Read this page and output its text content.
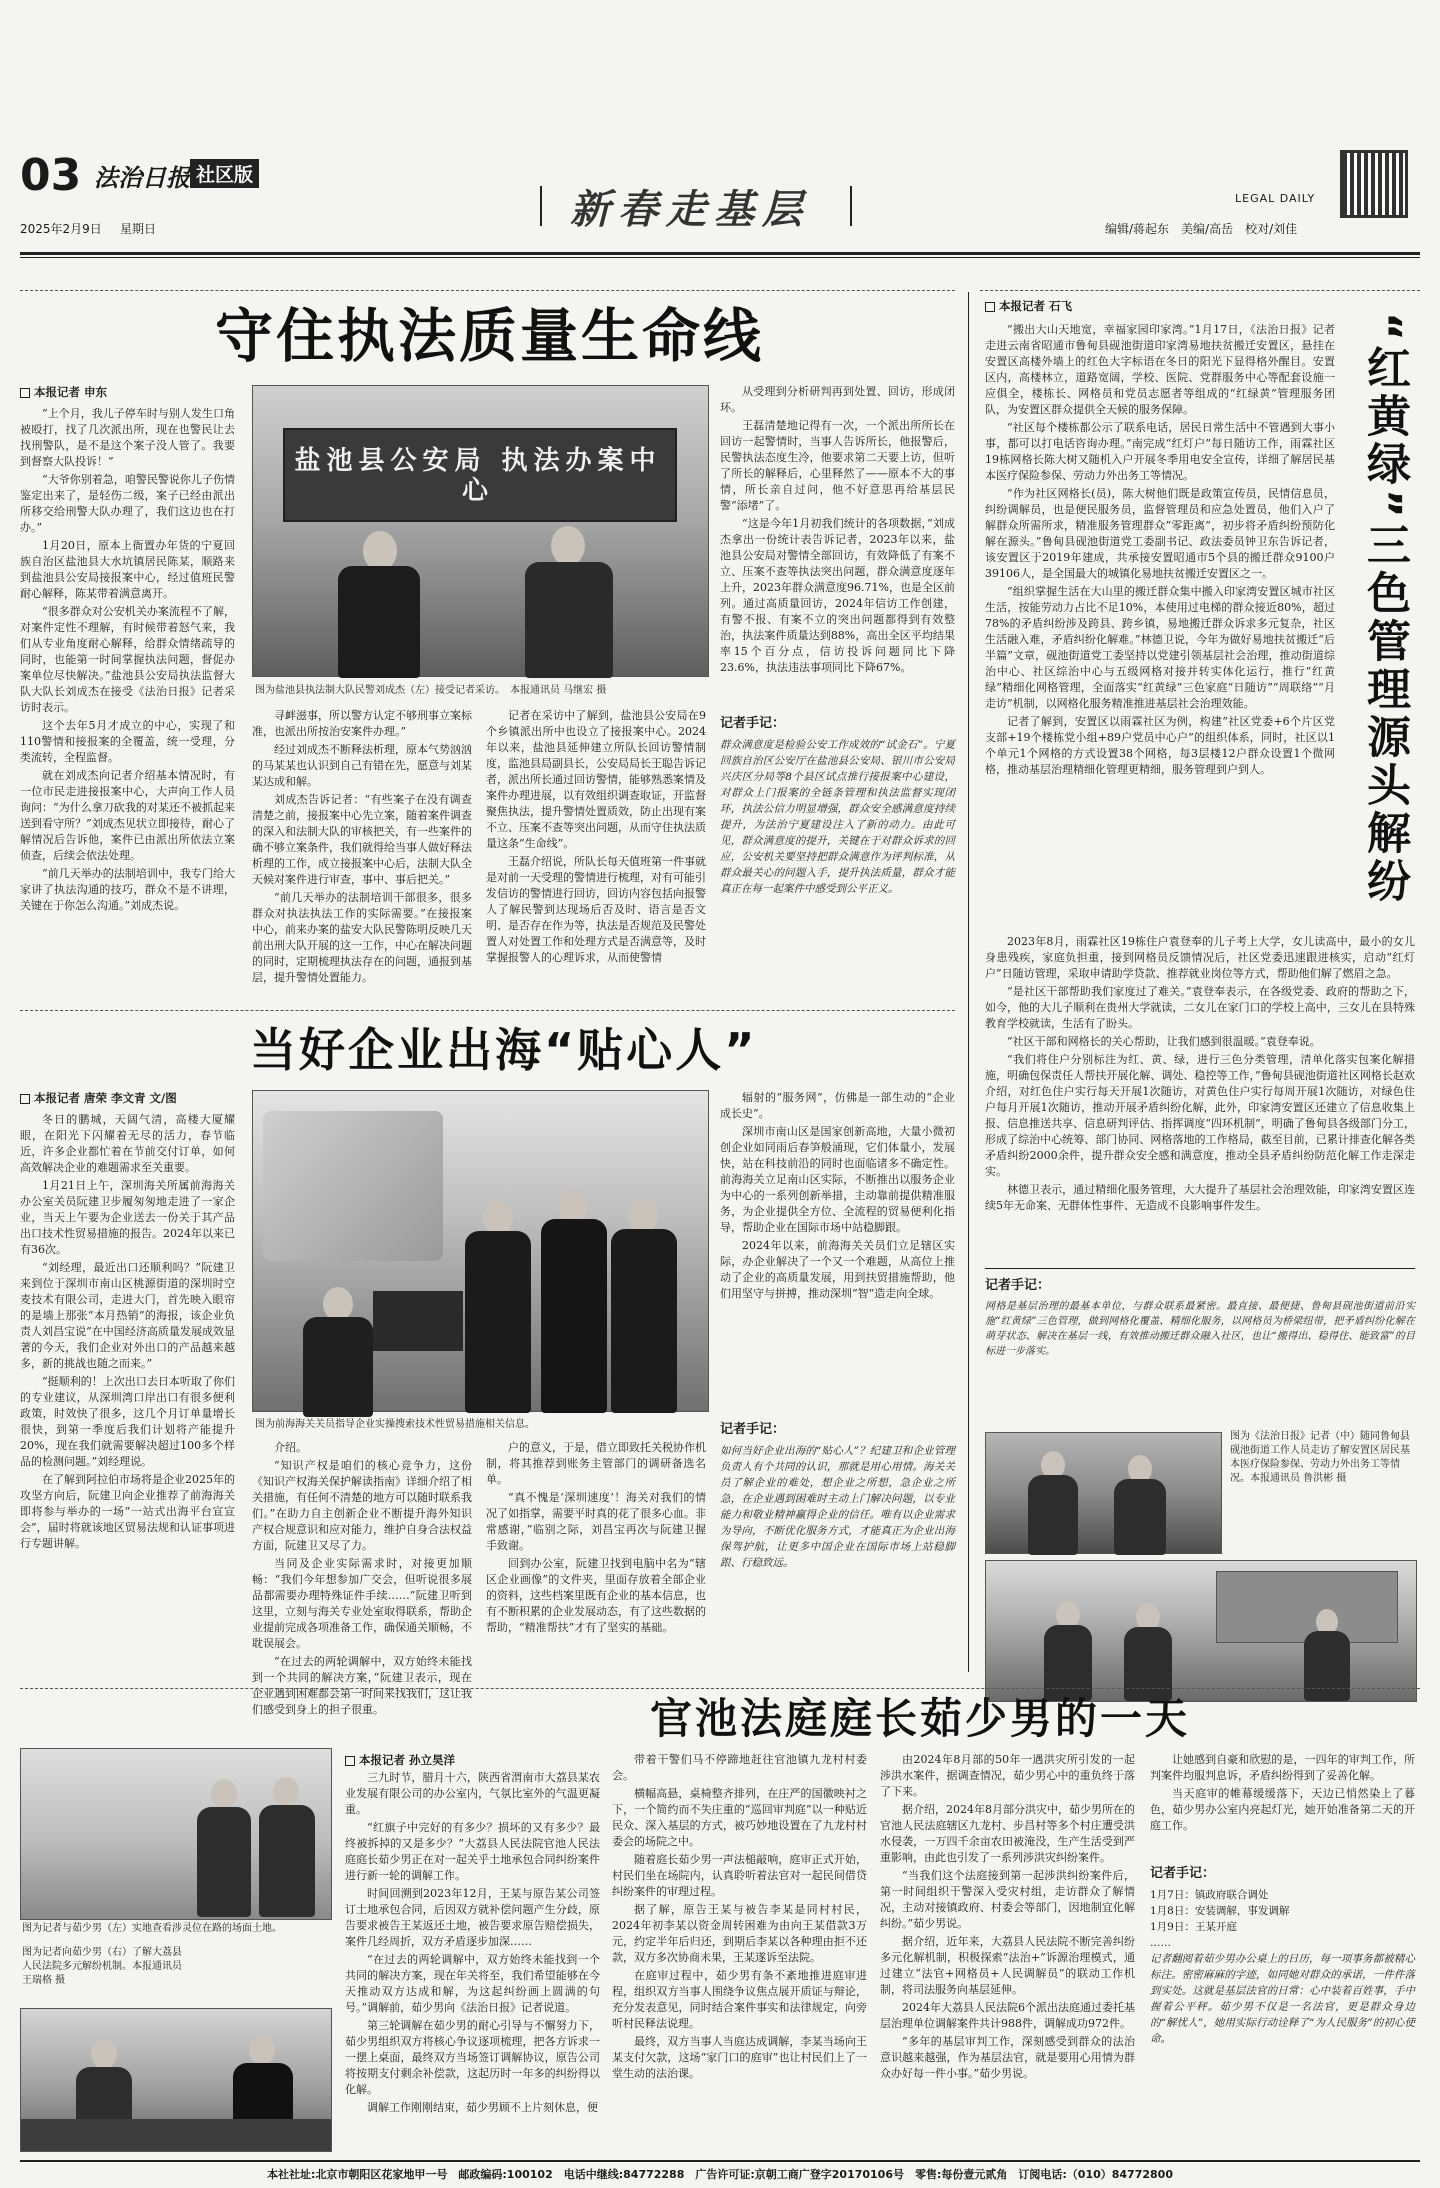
03 法治日报 社区版
2025年2月9日 星期日	新春走基层	LEGAL DAILY
编辑/蒋起东　美编/高岳　校对/刘佳
守住执法质量生命线
本报记者 申东

“上个月，我儿子停车时与别人发生口角被殴打，找了几次派出所，现在也警民让去找刑警队，是不是这个案子没人管了。我要到督察大队投诉！”

“大爷你别着急，咱警民警说你儿子伤情鉴定出来了，是轻伤二级，案子已经由派出所移交给刑警大队办理了，我们这边也在打办。”

1月20日，原本上衙置办年货的宁夏回族自治区盐池县大水坑镇居民陈某，顺路来到盐池县公安局接报案中心，经过值班民警耐心解释，陈某带着满意离开。

“很多群众对公安机关办案流程不了解，对案件定性不理解，有时候带着怒气来，我们从专业角度耐心解释，给群众情绪疏导的同时，也能第一时间掌握执法问题，督促办案单位尽快解决。”盐池县公安局执法监督大队大队长刘成杰在接受《法治日报》记者采访时表示。

这个去年5月才成立的中心，实现了和110警情和接报案的全覆盖，统一受理，分类流转，全程监督。

就在刘成杰向记者介绍基本情况时，有一位市民走进接报案中心，大声向工作人员询问：“为什么拿刀砍我的对某还不被抓起来送到看守所？”刘成杰见状立即接待，耐心了解情况后告诉他，案件已由派出所依法立案侦查，后续会依法处理。

“前几天举办的法制培训中，我专门给大家讲了执法沟通的技巧，群众不是不讲理，关键在于你怎么沟通。”刘成杰说。

盐池县公安局 执法办案中心
图为盐池县执法制大队民警刘成杰（左）接受记者采访。　本报通讯员 马继宏 摄

寻衅滋事，所以警方认定不够刑事立案标准，也派出所按治安案件办理。”

经过刘成杰不断释法析理，原本气势汹汹的马某某也认识到自己有错在先，愿意与刘某某达成和解。

刘成杰告诉记者：“有些案子在没有调查清楚之前，接报案中心先立案，随着案件调查的深入和法制大队的审核把关，有一些案件的确不够立案条件，我们就得给当事人做好释法析理的工作，成立接报案中心后，法制大队全天候对案件进行审查，事中、事后把关。”

“前几天举办的法制培训干部很多，很多群众对执法执法工作的实际需要。”在接报案中心，前来办案的盐安大队民警陈明反映几天前出刑大队开展的这一工作，中心在解决问题的同时，定期梳理执法存在的问题，通报到基层，提升警情处置能力。

记者在采访中了解到，盐池县公安局在9个乡镇派出所中也设立了接报案中心。2024年以来，盐池县延伸建立所队长回访警情制度，监池县局副县长，公安局局长王聪告诉记者，派出所长通过回访警情，能够熟悉案情及案件办理进展，以有效组织调查取证，开监督聚焦执法，提升警情处置质效，防止出现有案不立、压案不查等突出问题，从而守住执法质量这条“生命线”。

王磊介绍说，所队长每天值班第一件事就是对前一天受理的警情进行梳理，对有可能引发信访的警情进行回访，回访内容包括向报警人了解民警到达现场后否及时、语言是否文明、是否存在作为等，执法是否规范及民警处置人对处置工作和处理方式是否满意等，及时掌握报警人的心理诉求，从而使警情

从受理到分析研判再到处置、回访，形成闭环。

王磊清楚地记得有一次，一个派出所所长在回访一起警情时，当事人告诉所长，他报警后，民警执法态度生冷，他要求第二天要上访，但听了所长的解释后，心里释然了——原本不大的事情，所长亲自过问，他不好意思再给基层民警“添堵”了。

“这是今年1月初我们统计的各项数据，”刘成杰拿出一份统计表告诉记者，2023年以来，盐池县公安局对警情全部回访，有效降低了有案不立、压案不查等执法突出问题，群众满意度逐年上升，2023年群众满意度96.71%，也是全区前列。通过高质量回访，2024年信访工作创建，有警不报、有案不立的突出问题都得到有效整治，执法案件质量达到88%，高出全区平均结果率15个百分点，信访投诉问题同比下降23.6%，执法违法事项同比下降67%。

记者手记：
群众满意度是检验公安工作成效的“试金石”。宁夏回族自治区公安厅在盐池县公安局、银川市公安局兴庆区分局等8个县区试点推行接报案中心建设，对群众上门报案的全链条管理和执法监督实现闭环，执法公信力明显增强，群众安全感满意度持续提升，为法治宁夏建设注入了新的动力。由此可见，群众满意度的提升，关键在于对群众诉求的回应，公安机关要坚持把群众满意作为评判标准，从群众最关心的问题入手，提升执法质量，群众才能真正在每一起案件中感受到公平正义。
本报记者 石飞
“红黄绿”三色管理源头解纷

“搬出大山天地宽，幸福家园印家湾。”1月17日，《法治日报》记者走进云南省昭通市鲁甸县砚池街道印家湾易地扶贫搬迁安置区，悬挂在安置区高楼外墙上的红色大字标语在冬日的阳光下显得格外醒目。安置区内，高楼林立，道路宽阔，学校、医院、党群服务中心等配套设施一应俱全，楼栋长、网格员和党员志愿者等组成的“红绿黄”管理服务团队，为安置区群众提供全天候的服务保障。

“社区每个楼栋都公示了联系电话，居民日常生活中不管遇到大事小事，都可以打电话咨询办理。”南完成“红灯户”每日随访工作，雨霖社区19栋网格长陈大树又随机入户开展冬季用电安全宣传，详细了解居民基本医疗保险参保、劳动力外出务工等情况。

“作为社区网格长(员)，陈大树他们既是政策宣传员，民情信息员，纠纷调解员，也是便民服务员，监督管理员和应急处置员，他们入户了解群众所需所求，精准服务管理群众“零距离”，初步将矛盾纠纷预防化解在源头。”鲁甸县砚池街道党工委副书记、政法委员钟卫东告诉记者，该安置区于2019年建成，共承接安置昭通市5个县的搬迁群众9100户39106人，是全国最大的城镇化易地扶贫搬迁安置区之一。

“组织掌握生活在大山里的搬迁群众集中搬入印家湾安置区城市社区生活，按能劳动力占比不足10%，本使用过电梯的群众接近80%，超过78%的矛盾纠纷涉及跨县、跨乡镇，易地搬迁群众诉求多元复杂，社区生活融入难，矛盾纠纷化解难。”林德卫说，今年为做好易地扶贫搬迁“后半篇”文章，砚池街道党工委坚持以党建引领基层社会治理，推动街道综治中心、社区综治中心与五级网格对接并转实体化运行，推行“红黄绿”精细化网格管理，全面落实“红黄绿”三色家庭“日随访”“周联络”“月走访”机制，以网格化服务精准推进基层社会治理效能。

记者了解到，安置区以雨霖社区为例，构建“社区党委+6个片区党支部+19个楼栋党小组+89户党员中心户”的组织体系，同时，社区以1个单元1个网格的方式设置38个网格，每3层楼12户群众设置1个微网格，推动基层治理精细化管理更精细，服务管理到户到人。

2023年8月，雨霖社区19栋住户袁登奉的儿子考上大学，女儿读高中，最小的女儿身患残疾，家庭负担重，接到网格员反馈情况后，社区党委迅速跟进核实，启动“红灯户”日随访管理，采取申请助学贷款、推荐就业岗位等方式，帮助他们解了燃眉之急。

“是社区干部帮助我们家度过了难关。”袁登奉表示，在各级党委、政府的帮助之下，如今，他的大儿子顺利在贵州大学就读，二女儿在家门口的学校上高中，三女儿在县特殊教育学校就读，生活有了盼头。

“社区干部和网格长的关心帮助，让我们感到很温暖。”袁登奉说。

“我们将住户分别标注为红、黄、绿，进行三色分类管理，清单化落实包案化解措施，明确包保责任人帮扶开展化解、调处、稳控等工作，”鲁甸县砚池街道社区网格长赵欢介绍，对红色住户实行每天开展1次随访，对黄色住户实行每周开展1次随访，对绿色住户每月开展1次随访，推动开展矛盾纠纷化解，此外，印家湾安置区还建立了信息收集上报、信息推送共享、信息研判评估、指挥调度“四环机制”，明确了鲁甸县各级部门分工，形成了综治中心统筹、部门协同、网格落地的工作格局，截至目前，已累计排查化解各类矛盾纠纷2000余件，提升群众安全感和满意度，推动全县矛盾纠纷防范化解工作走深走实。

林德卫表示，通过精细化服务管理，大大提升了基层社会治理效能，印家湾安置区连续5年无命案、无群体性事件、无造成不良影响事件发生。

记者手记：
网格是基层治理的最基本单位，与群众联系最紧密。最直接、最便捷、鲁甸县砚池街道前沿实施“红黄绿”三色管理，做到网格化覆盖、精细化服务，以网格员为桥梁纽带，把矛盾纠纷化解在萌芽状态、解决在基层一线，有效推动搬迁群众融入社区，也让“搬得出、稳得住、能致富”的目标进一步落实。
图为《法治日报》记者（中）随同鲁甸县砚池街道工作人员走访了解安置区居民基本医疗保险参保、劳动力外出务工等情况。本报通讯员 鲁洪彬 摄
当好企业出海“贴心人”
本报记者 唐荣 李文青 文/图

冬日的鹏城，天阔气清，高楼大厦耀眼，在阳光下闪耀着无尽的活力，春节临近，许多企业都忙着在节前交付订单，如何高效解决企业的难题需求至关重要。

1月21日上午，深圳海关所属前海海关办公室关员阮建卫步履匆匆地走进了一家企业，当天上午要为企业送去一份关于其产品出口技术性贸易措施的报告。2024年以来已有36次。

“刘经理，最近出口还顺利吗？”阮建卫来到位于深圳市南山区桃源街道的深圳时空麦技术有限公司，走进大门，首先映入眼帘的是墙上那张“本月热销”的海报，该企业负责人刘昌宝说“在中国经济高质量发展成效显著的今天，我们企业对外出口的产品越来越多，新的挑战也随之而来。”

“挺顺利的！上次出口去日本听取了你们的专业建议，从深圳湾口岸出口有很多便利政策，时效快了很多，这几个月订单量增长很快，到第一季度后我们计划将产能提升20%，现在我们就需要解决超过100多个样品的检测问题。”刘经理说。

在了解到阿拉伯市场将是企业2025年的攻坚方向后，阮建卫向企业推荐了前海海关即将参与举办的一场“一站式出海平台宣宣会”，届时将就该地区贸易法规和认证事项进行专题讲解。

图为前海海关关员指导企业实操搜索技术性贸易措施相关信息。

介绍。

“知识产权是咱们的核心竞争力，这份《知识产权海关保护解读指南》详细介绍了相关措施，有任何不清楚的地方可以随时联系我们。”在助力自主创新企业不断提升海外知识产权合规意识和应对能力，维护自身合法权益方面，阮建卫又尽了力。

当同及企业实际需求时，对接更加顺畅：“我们今年想参加广交会，但听说很多展品都需要办理特殊证件手续……”阮建卫听到这里，立刻与海关专业处室取得联系，帮助企业提前完成各项准备工作，确保通关顺畅，不耽误展会。

“在过去的两轮调解中，双方始终未能找到一个共同的解决方案，”阮建卫表示，现在企业遇到困难都会第一时间来找我们，这让我们感受到身上的担子很重。

户的意义，于是，借立即致托关税协作机制，将其推荐到账务主管部门的调研备选名单。

“真不愧是‘深圳速度’！海关对我们的情况了如指掌，需要平时真的花了很多心血。非常感谢，”临别之际，刘昌宝再次与阮建卫握手致谢。

回到办公室，阮建卫找到电脑中名为“辖区企业画像”的文件夹，里面存放着全部企业的资料，这些档案里既有企业的基本信息，也有不断积累的企业发展动态，有了这些数据的帮助，“精准帮扶”才有了坚实的基础。

辐射的“服务网”，仿佛是一部生动的“企业成长史”。

深圳市南山区是国家创新高地，大量小微初创企业如同雨后春笋般涌现，它们体量小，发展快，站在科技前沿的同时也面临诸多不确定性。前海海关立足南山区实际，不断推出以服务企业为中心的一系列创新举措，主动靠前提供精准服务，为企业提供全方位、全流程的贸易便利化指导，帮助企业在国际市场中站稳脚跟。

2024年以来，前海海关关员们立足辖区实际，办企业解决了一个又一个难题，从高位上推动了企业的高质量发展，用到扶贸措施帮助，他们用坚守与拼搏，推动深圳“智”造走向全球。

记者手记：
如何当好企业出海的“贴心人”？纪建卫和企业管理负责人有个共同的认识，那就是用心用情。海关关员了解企业的难处，想企业之所想，急企业之所急，在企业遇到困难时主动上门解决问题，以专业能力和敬业精神赢得企业的信任。唯有以企业需求为导向，不断优化服务方式，才能真正为企业出海保驾护航，让更多中国企业在国际市场上站稳脚跟、行稳致远。
官池法庭庭长茹少男的一天
本报记者 孙立昊洋
图为记者与茹少男（左）实地查看涉灵位在路的场面土地。
图为记者向茹少男（右）了解大荔县人民法院多元解纷机制。本报通讯员 王瑞格 摄

三九时节，腊月十六，陕西省渭南市大荔县某农业发展有限公司的办公室内，气氛比室外的气温更凝重。

“红旗子中完好的有多少？损坏的又有多少？最终被拆掉的又是多少？”大荔县人民法院官池人民法庭庭长茹少男正在对一起关乎土地承包合同纠纷案件进行新一轮的调解工作。

时间回溯到2023年12月，王某与原告某公司签订土地承包合同，后因双方就补偿问题产生分歧，原告要求被告王某返还土地，被告要求原告赔偿损失，案件几经周折，双方矛盾逐步加深……

“在过去的两轮调解中，双方始终未能找到一个共同的解决方案，现在年关将至，我们希望能够在今天推动双方达成和解，为这起纠纷画上圆满的句号。”调解前，茹少男向《法治日报》记者说道。

第三轮调解在茹少男的耐心引导与不懈努力下，茹少男组织双方将核心争议逐项梳理，把各方诉求一一摆上桌面，最终双方当场签订调解协议，原告公司将按期支付剩余补偿款，这起历时一年多的纠纷得以化解。

调解工作刚刚结束，茹少男顾不上片刻休息，便

带着干警们马不停蹄地赶往官池镇九龙村村委会。

横幅高悬，桌椅整齐排列，在庄严的国徽映衬之下，一个简约而不失庄重的“巡回审判庭”以一种贴近民众、深入基层的方式，被巧妙地设置在了九龙村村委会的场院之中。

随着庭长茹少男一声法槌敲响，庭审正式开始，村民们坐在场院内，认真聆听着法官对一起民间借贷纠纷案件的审理过程。

据了解，原告王某与被告李某是同村村民，2024年初李某以资金周转困难为由向王某借款3万元，约定半年后归还，到期后李某以各种理由拒不还款，双方多次协商未果，王某遂诉至法院。

在庭审过程中，茹少男有条不紊地推进庭审进程，组织双方当事人围绕争议焦点展开质证与辩论，充分发表意见，同时结合案件事实和法律规定，向旁听村民释法说理。

最终，双方当事人当庭达成调解，李某当场向王某支付欠款，这场“家门口的庭审”也让村民们上了一堂生动的法治课。

由2024年8月部的50年一遇洪灾所引发的一起涉洪水案件，据调查情况，茹少男心中的重负终于落了下来。

据介绍，2024年8月部分洪灾中，茹少男所在的官池人民法庭辖区九龙村、步昌村等多个村庄遭受洪水侵袭，一万四千余亩农田被淹没，生产生活受到严重影响，由此也引发了一系列涉洪灾纠纷案件。

“当我们这个法庭接到第一起涉洪纠纷案件后，第一时间组织干警深入受灾村组，走访群众了解情况，主动对接镇政府、村委会等部门，因地制宜化解纠纷。”茹少男说。

据介绍，近年来，大荔县人民法院不断完善纠纷多元化解机制，积极探索“法治+”诉源治理模式，通过建立“法官+网格员+人民调解员”的联动工作机制，将司法服务向基层延伸。

2024年大荔县人民法院6个派出法庭通过委托基层治理单位调解案件共计988件，调解成功972件。

“多年的基层审判工作，深刻感受到群众的法治意识越来越强，作为基层法官，就是要用心用情为群众办好每一件小事。”茹少男说。

让她感到自豪和欣慰的是，一四年的审判工作，所判案件均服判息诉，矛盾纠纷得到了妥善化解。

当天庭审的帷幕缓缓落下，天边已悄然染上了暮色，茹少男办公室内亮起灯光，她开始准备第二天的开庭工作。

记者手记：
1月7日：镇政府联合调处
1月8日：安装调解，事发调解
1月9日：王某开庭
……
记者翻阅着茹少男办公桌上的日历，每一项事务都被精心标注。密密麻麻的字迹，如同她对群众的承诺，一件件落到实处。这就是基层法官的日常：心中装着百姓事，手中握着公平秤。茹少男不仅是一名法官，更是群众身边的“解忧人”，她用实际行动诠释了“为人民服务”的初心使命。
本社社址:北京市朝阳区花家地甲一号　邮政编码:100102　电话中继线:84772288　广告许可证:京朝工商广登字20170106号　零售:每份壹元贰角　订阅电话:（010）84772800
